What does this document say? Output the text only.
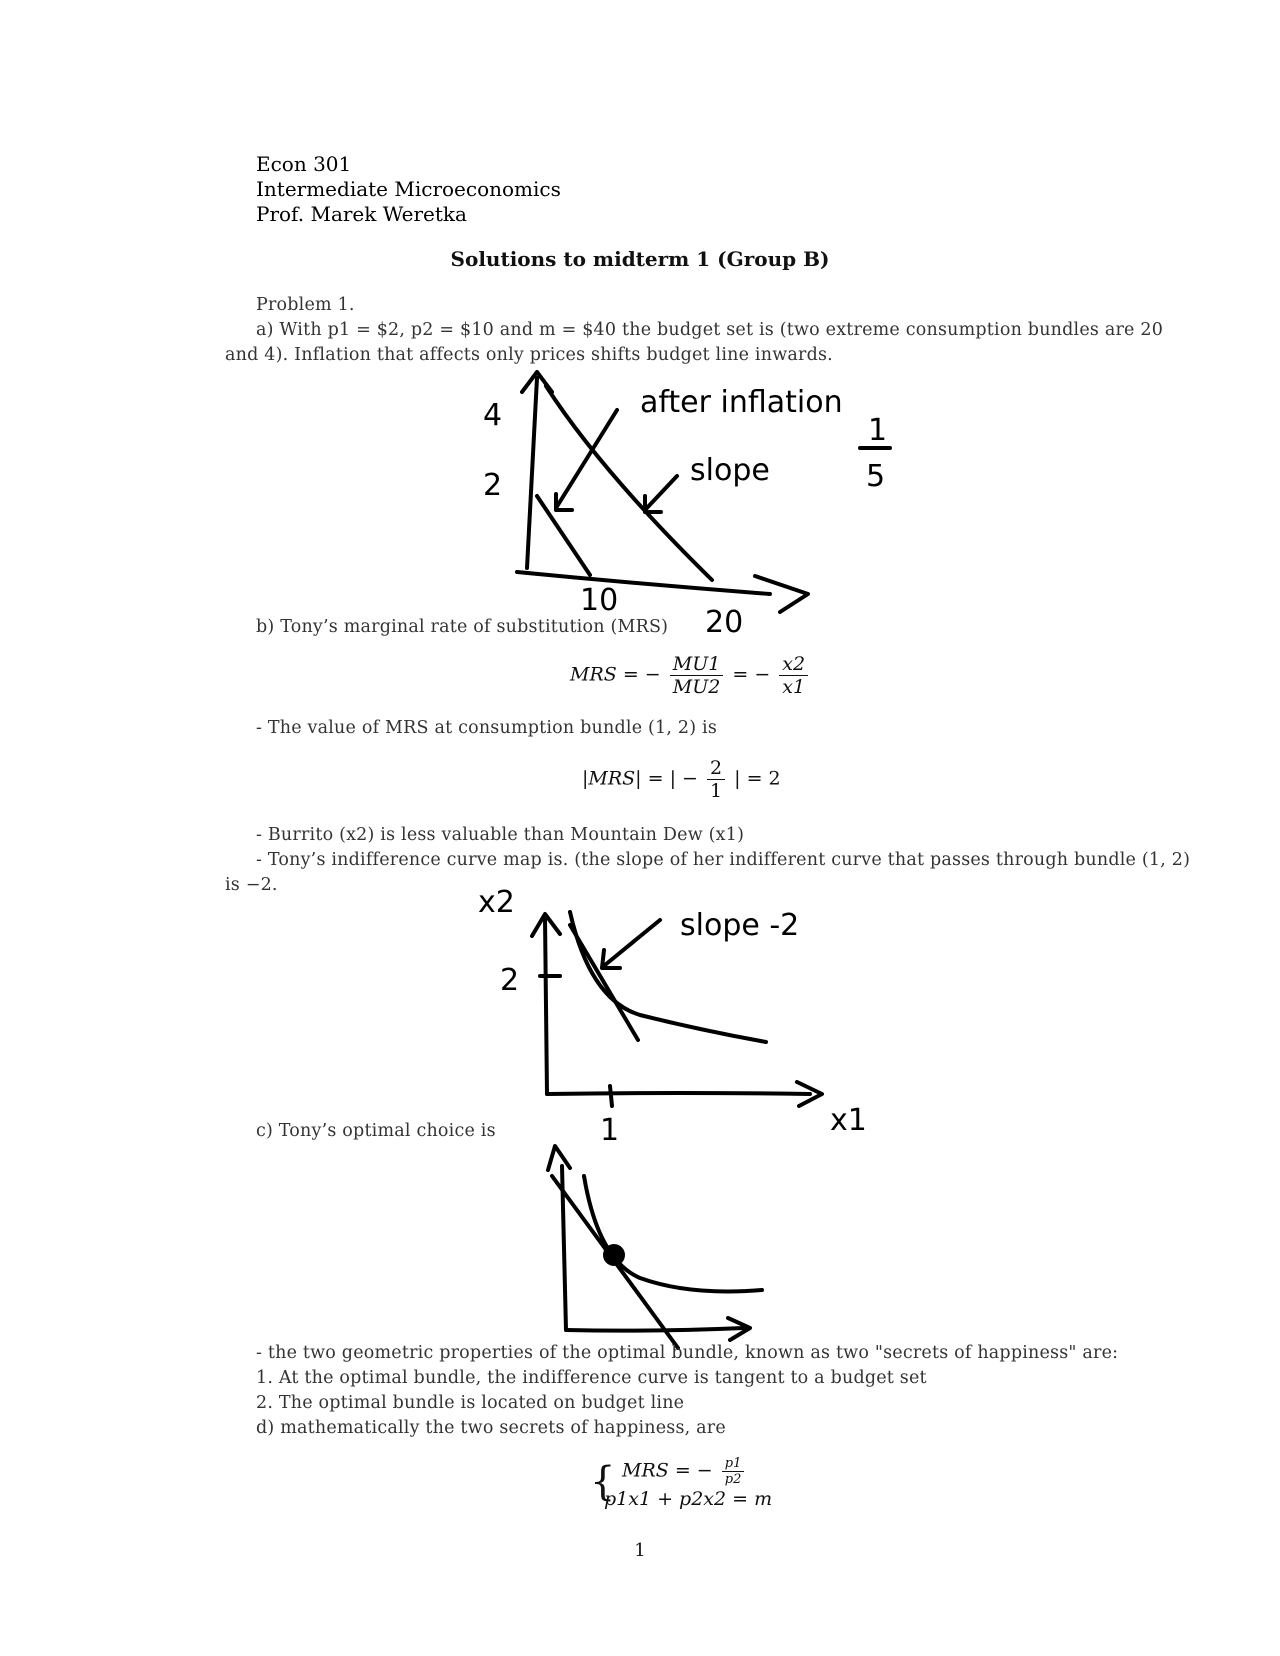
Econ 301
Intermediate Microeconomics
Prof. Marek Weretka
Solutions to midterm 1 (Group B)
Problem 1.
a) With p1 = $2, p2 = $10 and m = $40 the budget set is (two extreme consumption bundles are 20
and 4). Inflation that affects only prices shifts budget line inwards.
4
2
10
20
after inflation
slope
1
5
b) Tony’s marginal rate of substitution (MRS)
MRS = − $\frac{MU1}{MU2}$ = − $\frac{x2}{x1}$
- The value of MRS at consumption bundle (1, 2) is
|MRS| = | − $\frac{2}{1}$ | = 2
- Burrito (x2) is less valuable than Mountain Dew (x1)
- Tony’s indifference curve map is. (the slope of her indifferent curve that passes through bundle (1, 2)
is −2.	x2
2
1	x1
slope -2
c) Tony’s optimal choice is
- the two geometric properties of the optimal bundle, known as two "secrets of happiness" are:
1. At the optimal bundle, the indifference curve is tangent to a budget set
2. The optimal bundle is located on budget line
d) mathematically the two secrets of happiness, are
{ MRS = − $\frac{p1}{p2}$
p1x1 + p2x2 = m
1
